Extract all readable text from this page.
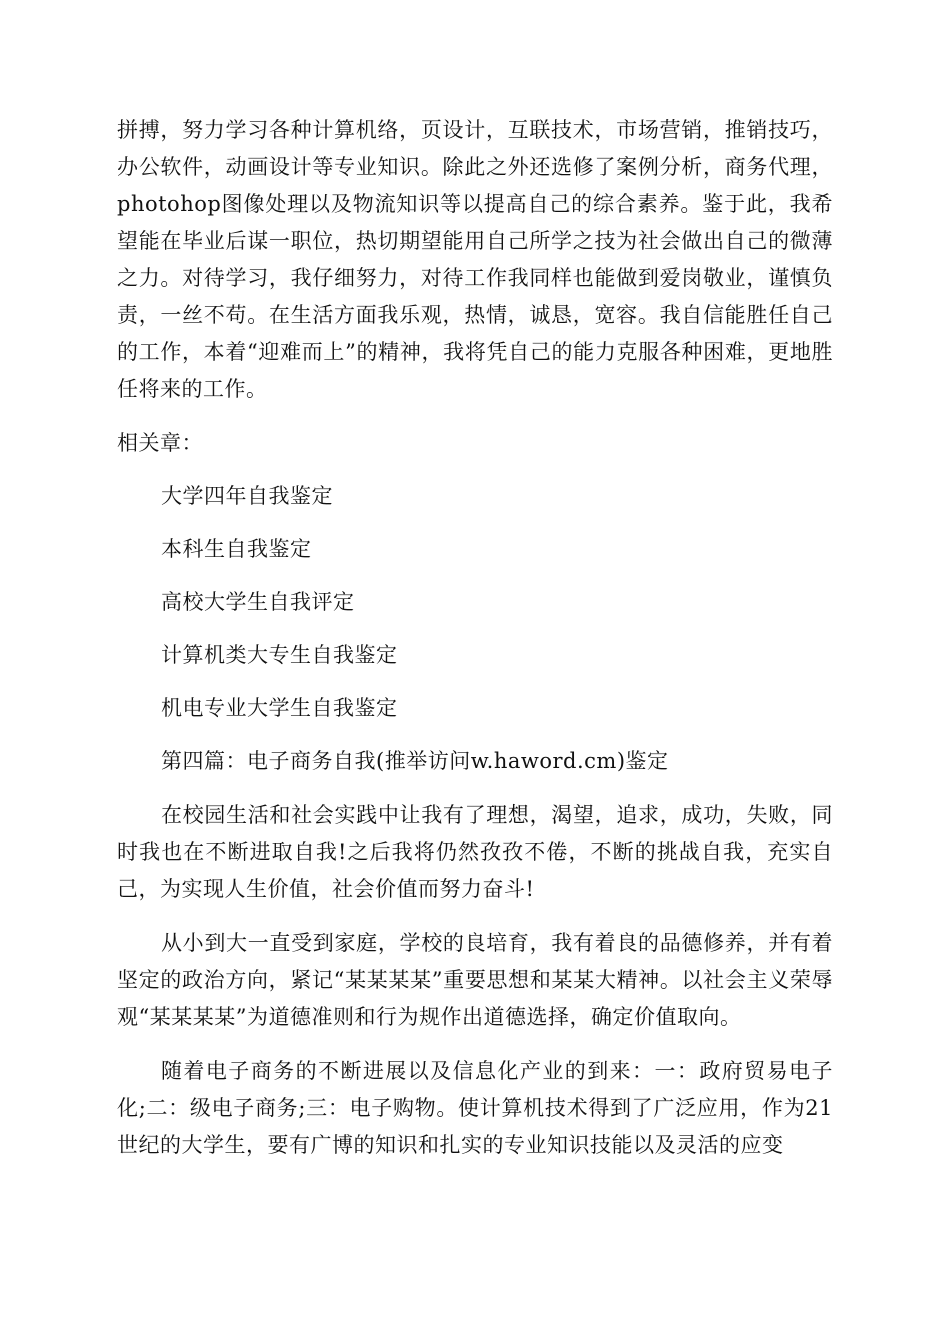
拼搏，努力学习各种计算机络，页设计，互联技术，市场营销，推销技巧，办公软件，动画设计等专业知识。除此之外还选修了案例分析，商务代理，photohop图像处理以及物流知识等以提高自己的综合素养。鉴于此，我希望能在毕业后谋一职位，热切期望能用自己所学之技为社会做出自己的微薄之力。对待学习，我仔细努力，对待工作我同样也能做到爱岗敬业，谨慎负责，一丝不苟。在生活方面我乐观，热情，诚恳，宽容。我自信能胜任自己的工作，本着“迎难而上”的精神，我将凭自己的能力克服各种困难，更地胜任将来的工作。

相关章：

大学四年自我鉴定

本科生自我鉴定

高校大学生自我评定

计算机类大专生自我鉴定

机电专业大学生自我鉴定

第四篇：电子商务自我(推举访问w.haword.cm)鉴定

在校园生活和社会实践中让我有了理想，渴望，追求，成功，失败，同时我也在不断进取自我!之后我将仍然孜孜不倦，不断的挑战自我，充实自己，为实现人生价值，社会价值而努力奋斗!

从小到大一直受到家庭，学校的良培育，我有着良的品德修养，并有着坚定的政治方向，紧记“某某某某”重要思想和某某大精神。以社会主义荣辱观“某某某某”为道德准则和行为规作出道德选择，确定价值取向。

随着电子商务的不断进展以及信息化产业的到来：一：政府贸易电子化;二：级电子商务;三：电子购物。使计算机技术得到了广泛应用，作为21世纪的大学生，要有广博的知识和扎实的专业知识技能以及灵活的应变
